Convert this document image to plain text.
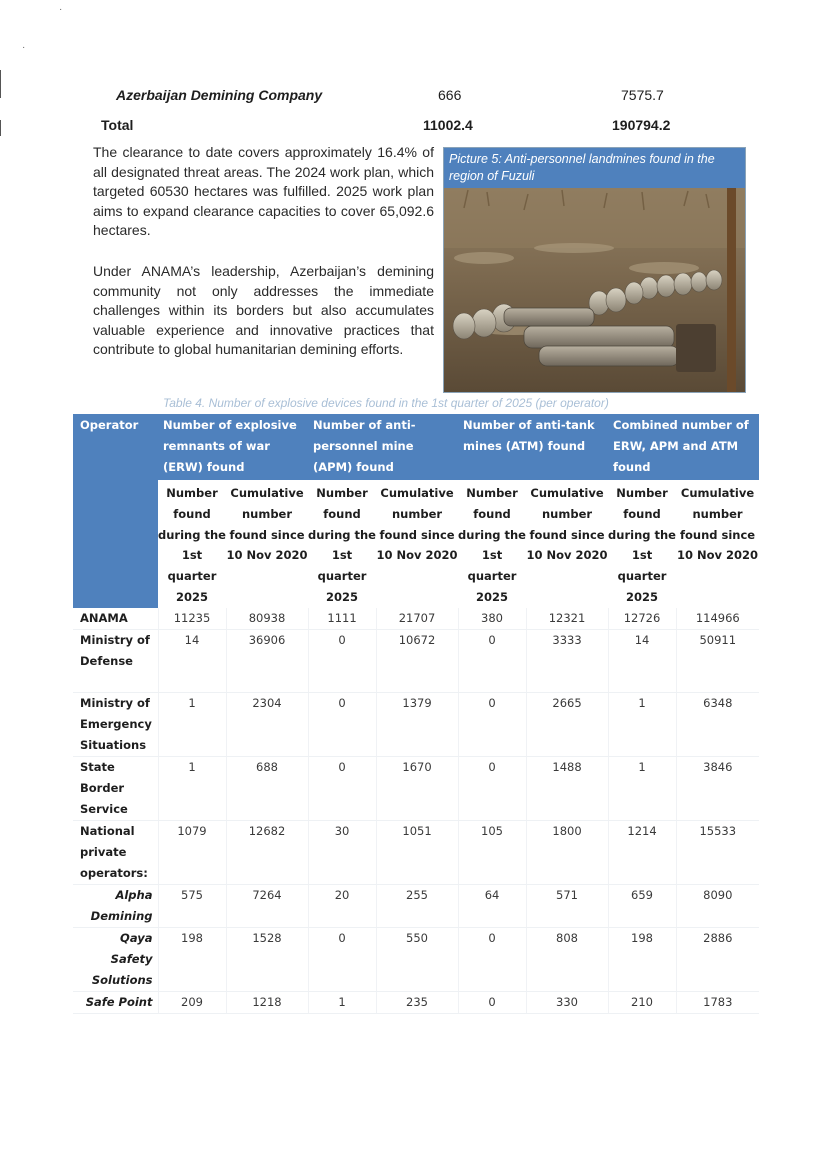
·
·
Azerbaijan Demining Company	666	7575.7
Total	11002.4	190794.2
The clearance to date covers approximately 16.4% of all designated threat areas. The 2024 work plan, which targeted 60530 hectares was fulfilled. 2025 work plan aims to expand clearance capacities to cover 65,092.6 hectares.
Under ANAMA’s leadership, Azerbaijan’s demining community not only addresses the immediate challenges within its borders but also accumulates valuable experience and innovative practices that contribute to global humanitarian demining efforts.
Picture 5: Anti-personnel landmines found in the region of Fuzuli
Table 4. Number of explosive devices found in the 1st quarter of 2025 (per operator)
Operator	Number of explosive remnants of war (ERW) found		Number of anti-personnel mine (APM) found		Number of anti-tank mines (ATM) found		Combined number of ERW, APM and ATM found	
	Number found during the 1st quarter 2025	Cumulative number found since 10 Nov 2020	Number found during the 1st quarter 2025	Cumulative number found since 10 Nov 2020	Number found during the 1st quarter 2025	Cumulative number found since 10 Nov 2020	Number found during the 1st quarter 2025	Cumulative number found since 10 Nov 2020
ANAMA	11235	80938	1111	21707	380	12321	12726	114966
Ministry of Defense	14	36906	0	10672	0	3333	14	50911
Ministry of Emergency Situations	1	2304	0	1379	0	2665	1	6348
State Border Service	1	688	0	1670	0	1488	1	3846
National private operators:	1079	12682	30	1051	105	1800	1214	15533
Alpha Demining	575	7264	20	255	64	571	659	8090
Qaya Safety Solutions	198	1528	0	550	0	808	198	2886
Safe Point	209	1218	1	235	0	330	210	1783
